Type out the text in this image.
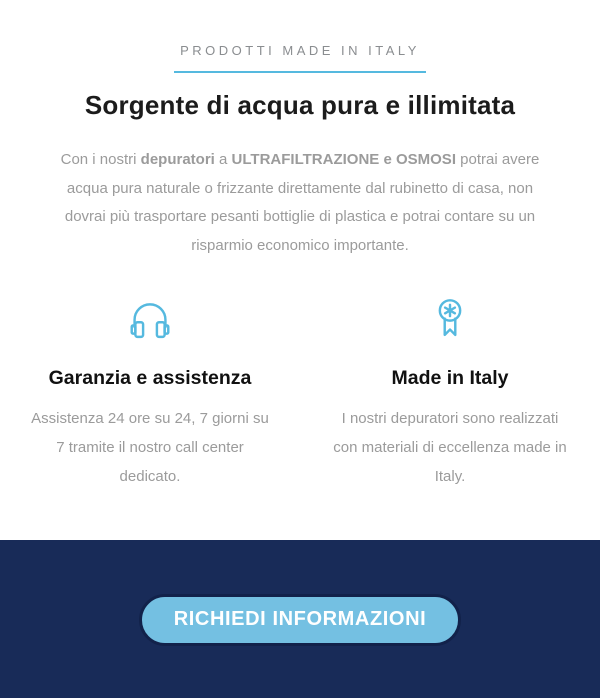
PRODOTTI MADE IN ITALY
Sorgente di acqua pura e illimitata

Con i nostri depuratori a ULTRAFILTRAZIONE e OSMOSI potrai avere acqua pura naturale o frizzante direttamente dal rubinetto di casa, non dovrai più trasportare pesanti bottiglie di plastica e potrai contare su un risparmio economico importante.

Garanzia e assistenza

Assistenza 24 ore su 24, 7 giorni su 7 tramite il nostro call center dedicato.

Made in Italy

I nostri depuratori sono realizzati con materiali di eccellenza made in Italy.

RICHIEDI INFORMAZIONI
